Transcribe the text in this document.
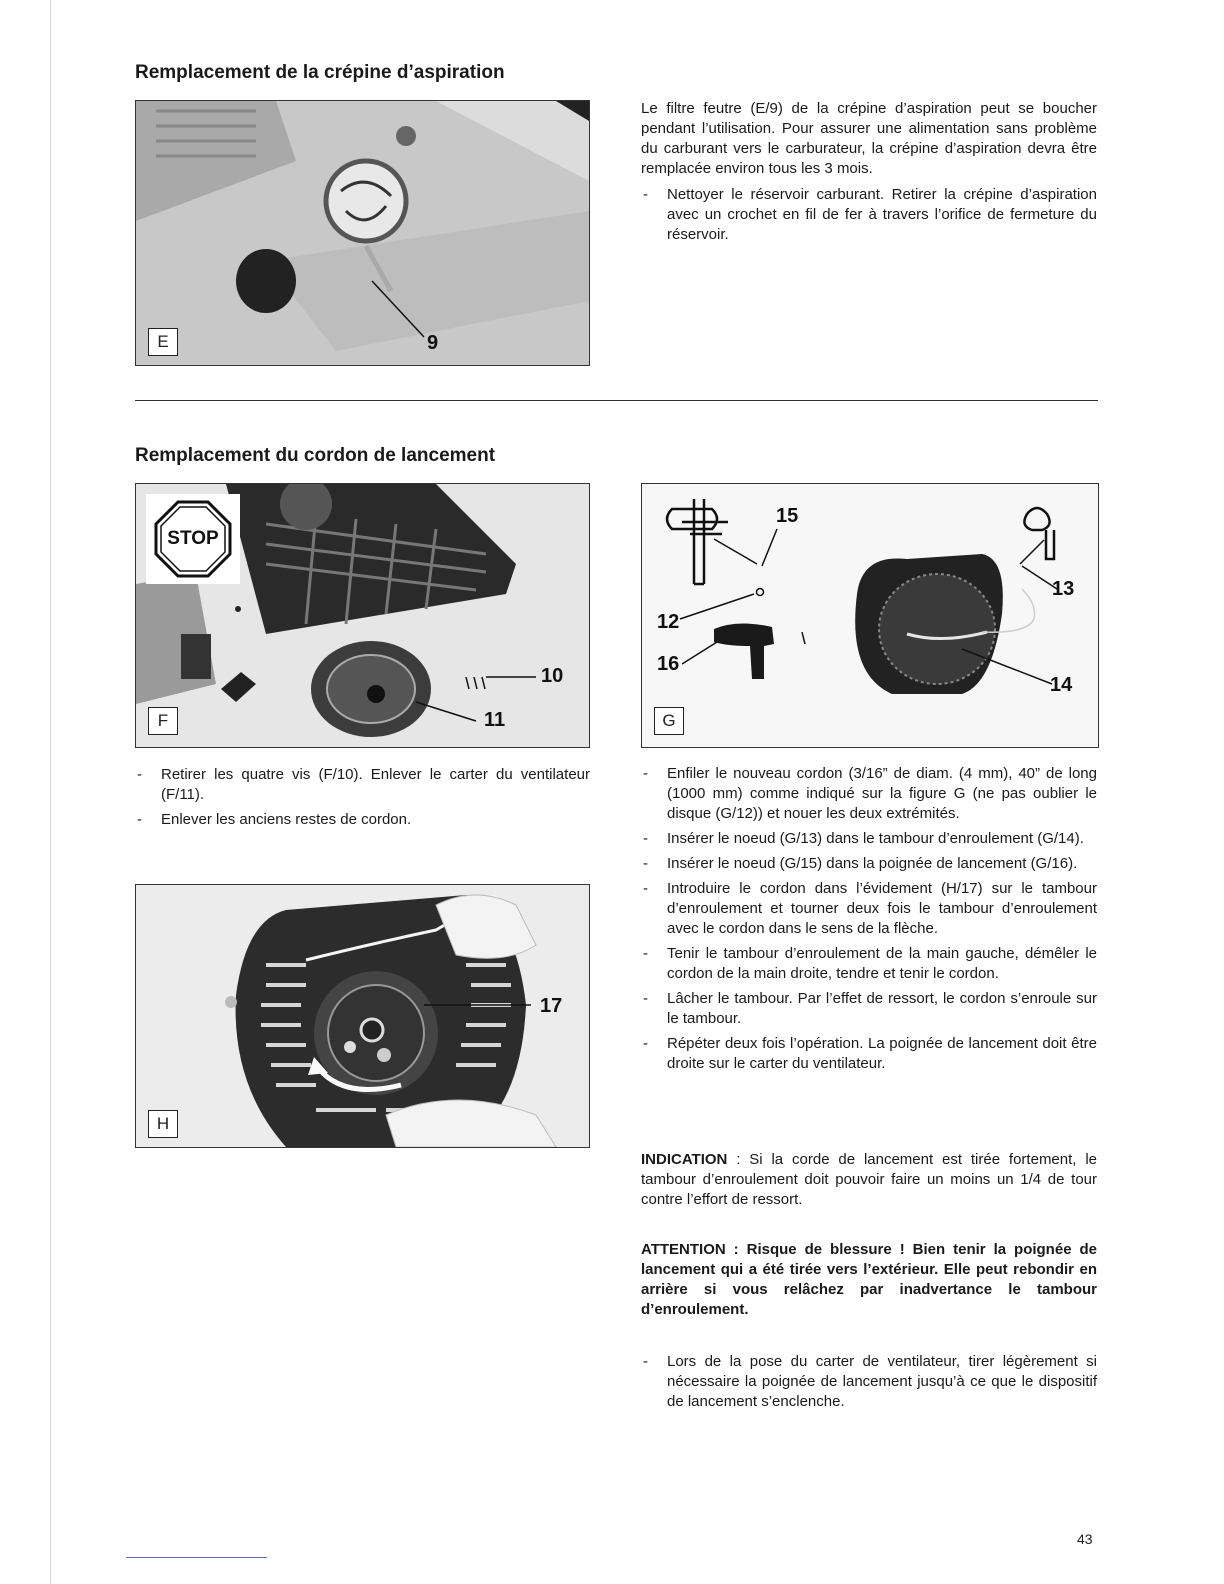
Remplacement de la crépine d’aspiration
E	9

Le filtre feutre (E/9) de la crépine d’aspiration peut se boucher pendant l’utilisation. Pour assurer une alimentation sans problème du carburant vers le carburateur, la crépine d’aspiration devra être remplacée environ tous les 3 mois.

- Nettoyer le réservoir carburant. Retirer la crépine d’aspiration avec un crochet en fil de fer à travers l’orifice de fermeture du réservoir.
Remplacement du cordon de lancement
STOP
F
10
11	G
15
13
12
16
14
- Retirer les quatre vis (F/10). Enlever le carter du ventilateur (F/11).
- Enlever les anciens restes de cordon.
H
17
- Enfiler le nouveau cordon (3/16” de diam. (4 mm), 40” de long (1000 mm) comme indiqué sur la figure G (ne pas oublier le disque (G/12)) et nouer les deux extrémités.
- Insérer le noeud (G/13) dans le tambour d’enroulement (G/14).
- Insérer le noeud (G/15) dans la poignée de lancement (G/16).
- Introduire le cordon dans l’évidement (H/17) sur le tambour d’enroulement et tourner deux fois le tambour d’enroulement avec le cordon dans le sens de la flèche.
- Tenir le tambour d’enroulement de la main gauche, démêler le cordon de la main droite, tendre et tenir le cordon.
- Lâcher le tambour. Par l’effet de ressort, le cordon s’enroule sur le tambour.
- Répéter deux fois l’opération. La poignée de lancement doit être droite sur le carter du ventilateur.

INDICATION : Si la corde de lancement est tirée fortement, le tambour d’enroulement doit pouvoir faire un moins un 1/4 de tour contre l’effort de ressort.

ATTENTION : Risque de blessure ! Bien tenir la poignée de lancement qui a été tirée vers l’extérieur. Elle peut rebondir en arrière si vous relâchez par inadvertance le tambour d’enroulement.

- Lors de la pose du carter de ventilateur, tirer légèrement si nécessaire la poignée de lancement jusqu’à ce que le dispositif de lancement s’enclenche.
43
